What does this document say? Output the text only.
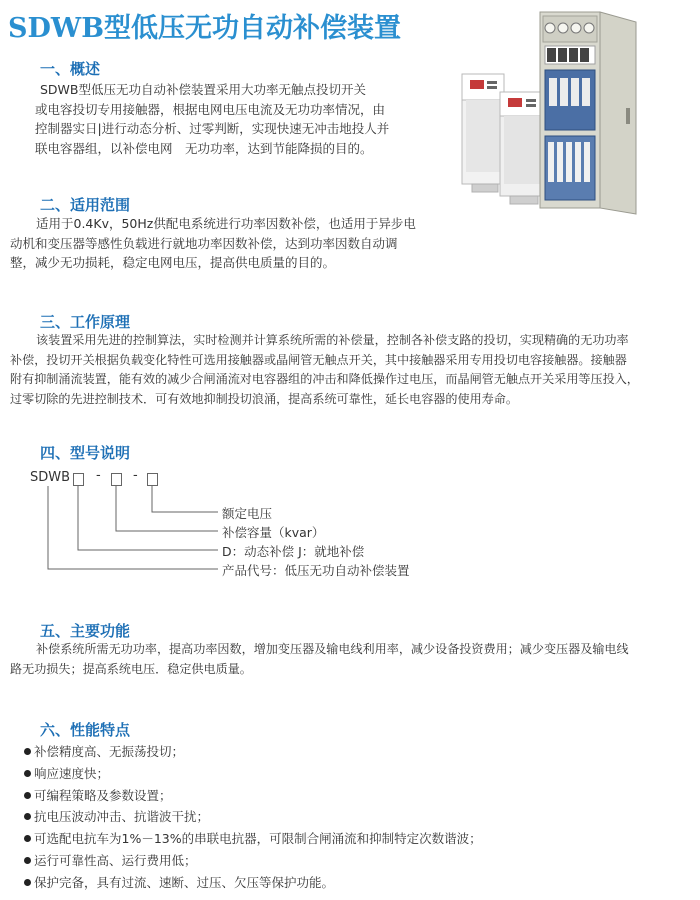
SDWB型低压无功自动补偿装置
一、概述

SDWB型低压无功自动补偿装置采用大功率无触点投切开关
或电容投切专用接触器，根据电网电压电流及无功功率情况，由
控制器实日|进行动态分析、过零判断，实现快速无冲击地投人并
联电容器组，以补偿电网　无功功率，达到节能降损的目的。

二、适用范围

适用于0.4Kv，50Hz供配电系统进行功率因数补偿，也适用于异步电
动机和变压器等感性负载进行就地功率因数补偿，达到功率因数自动调
整，减少无功损耗，稳定电网电压，提高供电质量的目的。

三、工作原理

该装置采用先进的控制算法，实时检测并计算系统所需的补偿量，控制各补偿支路的投切，实现精确的无功功率
补偿，投切开关根据负载变化特性可选用接触器或晶闸管无触点开关，其中接触器采用专用投切电容接触器。接触器
附有抑制涌流装置，能有效的减少合闸涌流对电容器组的冲击和降低操作过电压，而晶闸管无触点开关采用等压投入，
过零切除的先进控制技术．可有效地抑制投切浪涌，提高系统可靠性，延长电容器的使用寿命。

四、型号说明
SDWB - -
额定电压
补偿容量（kvar）
D：动态补偿 J：就地补偿
产品代号：低压无功自动补偿装置
五、主要功能

补偿系统所需无功功率，提高功率因数，增加变压器及输电线利用率，减少设备投资费用；减少变压器及输电线
路无功损失；提高系统电压．稳定供电质量。

六、性能特点
补偿精度高、无振荡投切；
响应速度快；
可编程策略及参数设置；
抗电压波动冲击、抗谐波干扰；
可选配电抗车为1%－13%的串联电抗器，可限制合闸涌流和抑制特定次数谐波；
运行可靠性高、运行费用低；
保护完备，具有过流、速断、过压、欠压等保护功能。
